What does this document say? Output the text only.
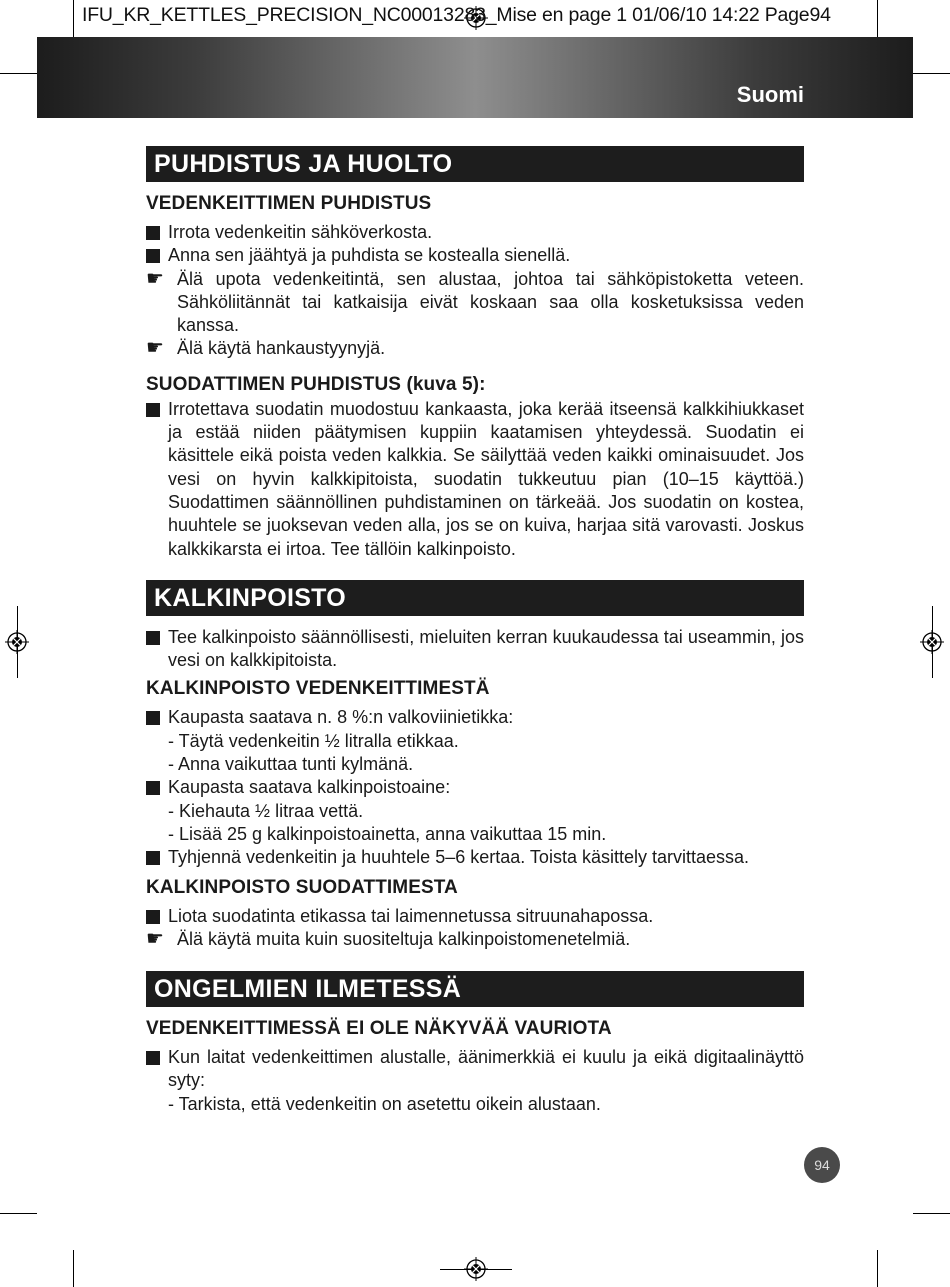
IFU_KR_KETTLES_PRECISION_NC00013283_Mise en page 1 01/06/10 14:22 Page94
Suomi
PUHDISTUS JA HUOLTO
VEDENKEITTIMEN PUHDISTUS
Irrota vedenkeitin sähköverkosta.
Anna sen jäähtyä ja puhdista se kostealla sienellä.
☛ Älä upota vedenkeitintä, sen alustaa, johtoa tai sähköpistoketta veteen. Sähköliitännät tai katkaisija eivät koskaan saa olla kosketuksissa veden kanssa.
☛ Älä käytä hankaustyynyjä.
SUODATTIMEN PUHDISTUS (kuva 5):
Irrotettava suodatin muodostuu kankaasta, joka kerää itseensä kalkkihiukkaset ja estää niiden päätymisen kuppiin kaatamisen yhteydessä. Suodatin ei käsittele eikä poista veden kalkkia. Se säilyttää veden kaikki ominaisuudet. Jos vesi on hyvin kalkkipitoista, suodatin tukkeutuu pian (10–15 käyttöä.) Suodattimen säännöllinen puhdistaminen on tärkeää. Jos suodatin on kostea, huuhtele se juoksevan veden alla, jos se on kuiva, harjaa sitä varovasti. Joskus kalkkikarsta ei irtoa. Tee tällöin kalkinpoisto.
KALKINPOISTO
Tee kalkinpoisto säännöllisesti, mieluiten kerran kuukaudessa tai useammin, jos vesi on kalkkipitoista.
KALKINPOISTO VEDENKEITTIMESTÄ
Kaupasta saatava n. 8 %:n valkoviinietikka:
- Täytä vedenkeitin ½ litralla etikkaa.
- Anna vaikuttaa tunti kylmänä.
Kaupasta saatava kalkinpoistoaine:
- Kiehauta ½ litraa vettä.
- Lisää 25 g kalkinpoistoainetta, anna vaikuttaa 15 min.
Tyhjennä vedenkeitin ja huuhtele 5–6 kertaa. Toista käsittely tarvittaessa.
KALKINPOISTO SUODATTIMESTA
Liota suodatinta etikassa tai laimennetussa sitruunahapossa.
☛ Älä käytä muita kuin suositeltuja kalkinpoistomenetelmiä.
ONGELMIEN ILMETESSÄ
VEDENKEITTIMESSÄ EI OLE NÄKYVÄÄ VAURIOTA
Kun laitat vedenkeittimen alustalle, äänimerkkiä ei kuulu ja eikä digitaalinäyttö syty:
- Tarkista, että vedenkeitin on asetettu oikein alustaan.
94
